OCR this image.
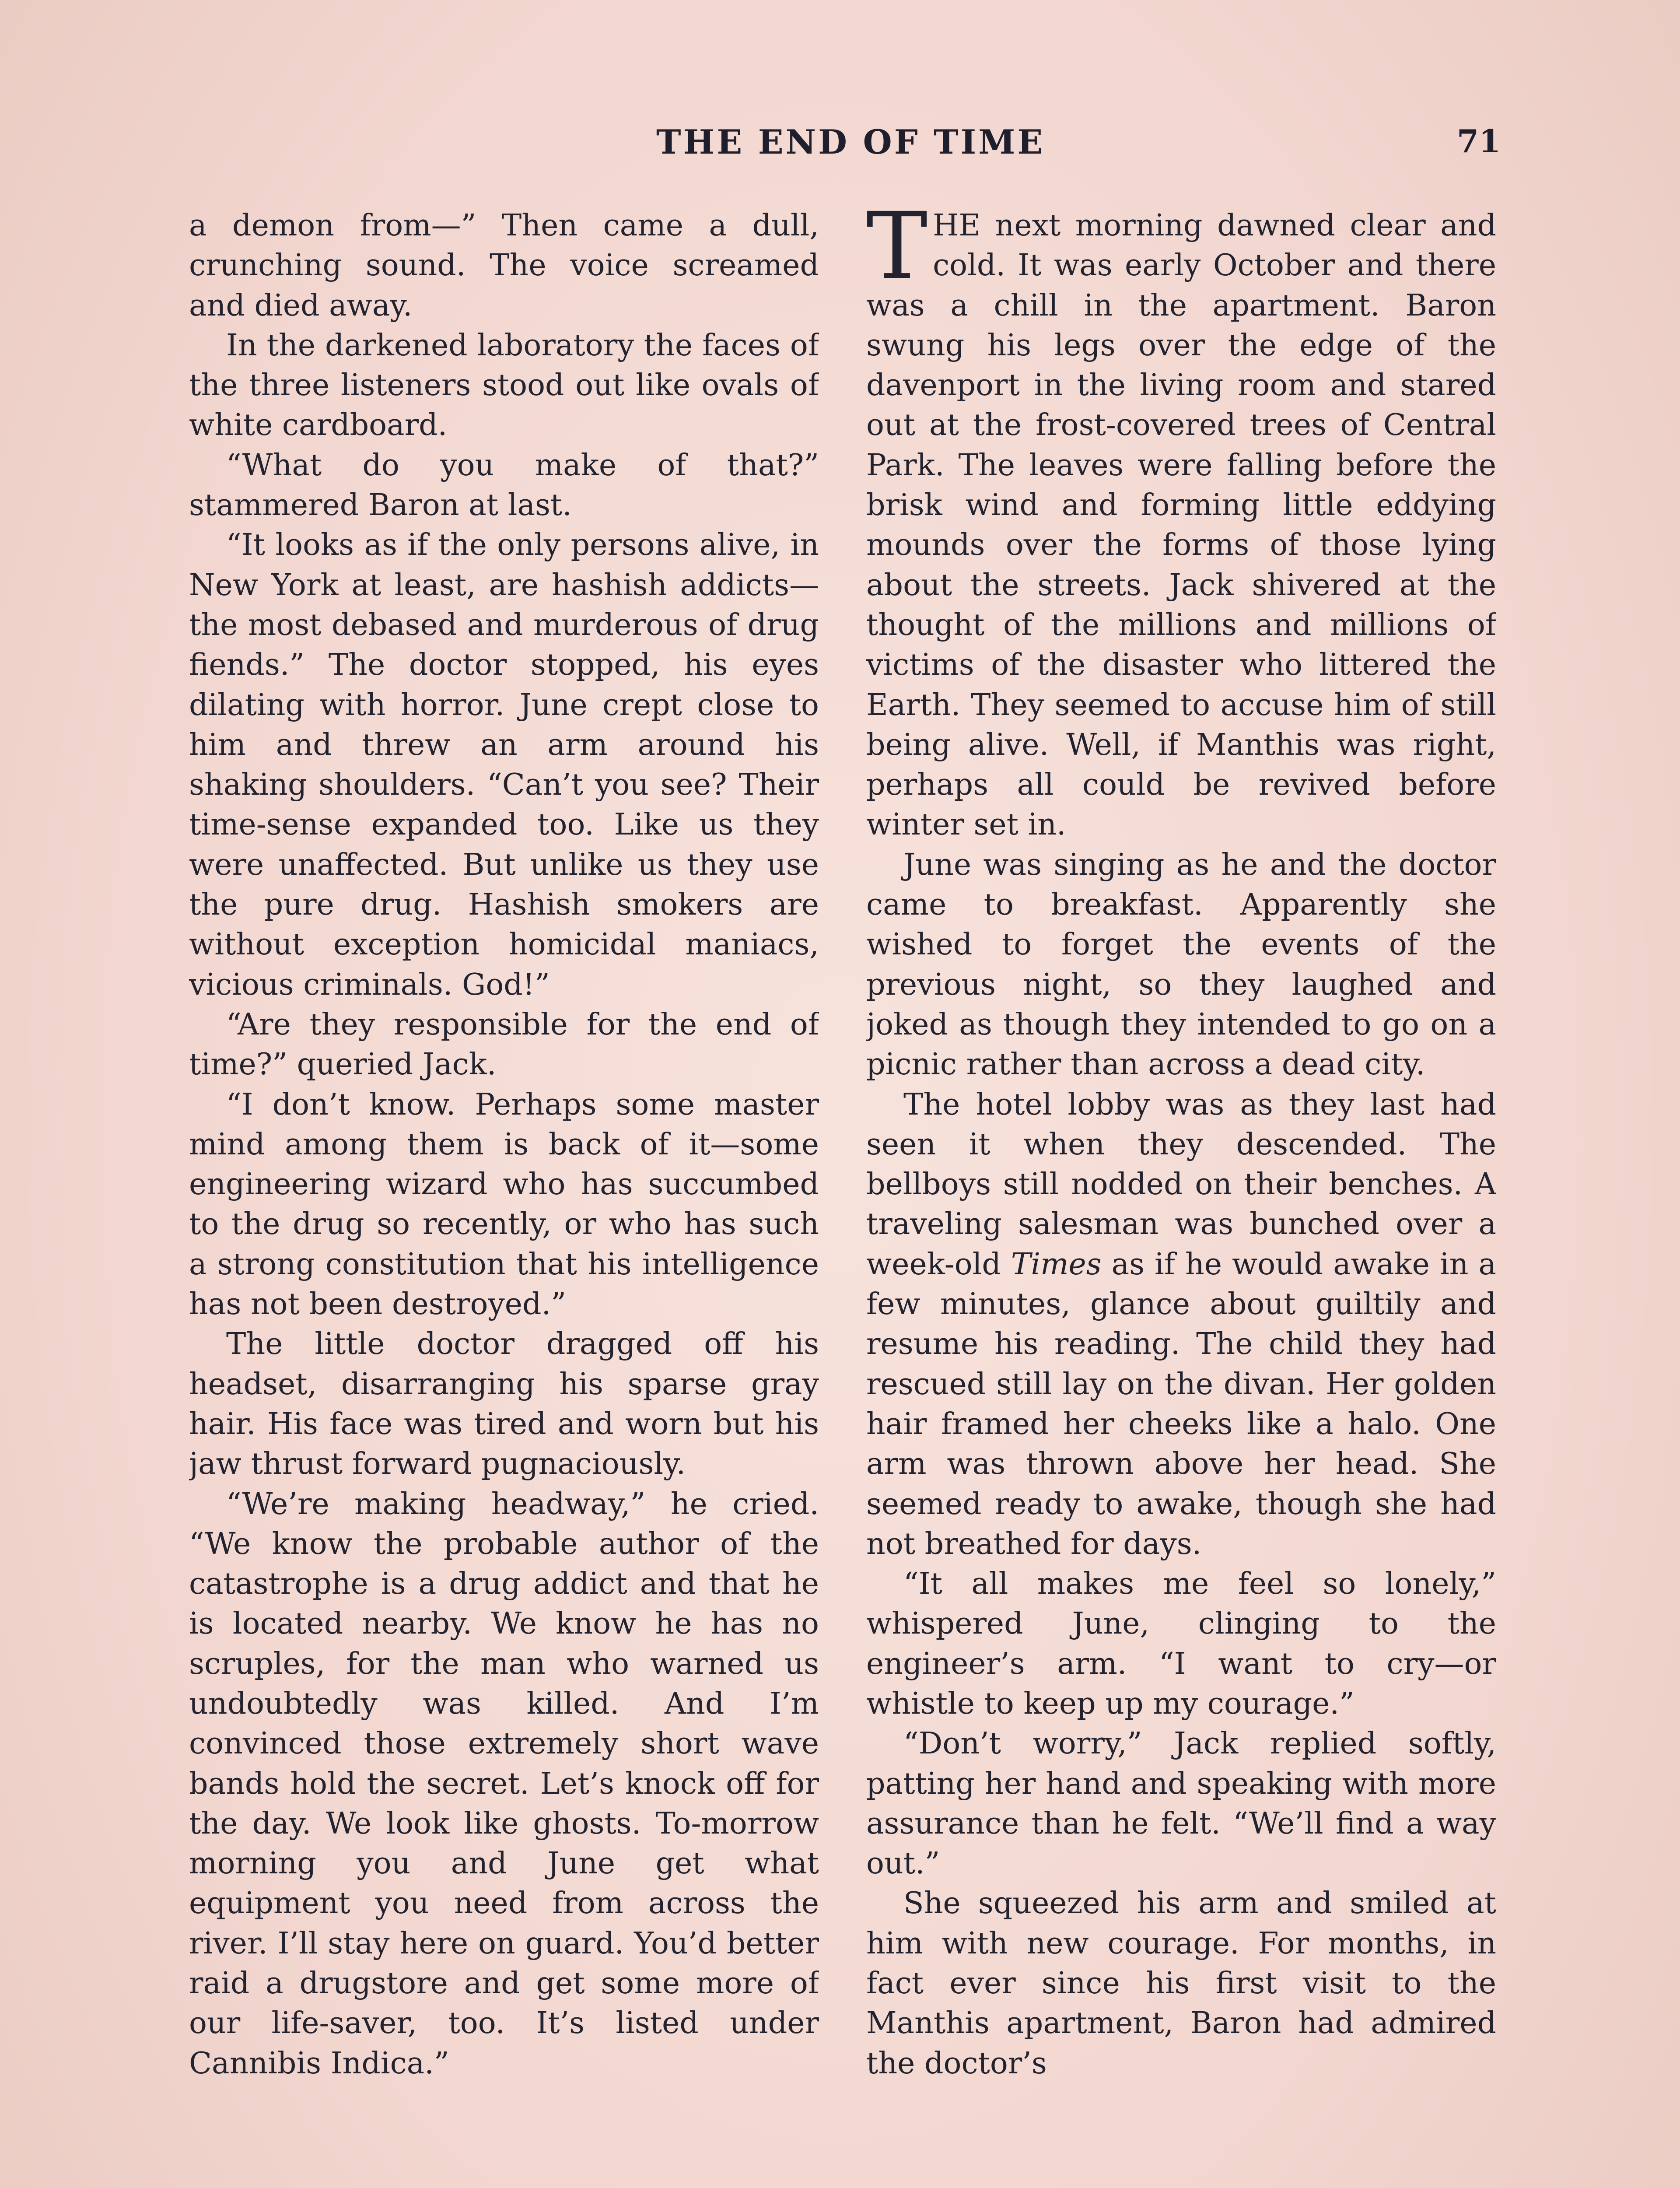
THE END OF TIME	71

a demon from—” Then came a dull, crunching sound. The voice screamed and died away.

In the darkened laboratory the faces of the three listeners stood out like ovals of white cardboard.

“What do you make of that?” stammered Baron at last.

“It looks as if the only persons alive, in New York at least, are hashish addicts—the most debased and murderous of drug fiends.” The doctor stopped, his eyes dilating with horror. June crept close to him and threw an arm around his shaking shoulders. “Can’t you see? Their time-sense expanded too. Like us they were unaffected. But unlike us they use the pure drug. Hashish smokers are without exception homicidal maniacs, vicious criminals. God!”

“Are they responsible for the end of time?” queried Jack.

“I don’t know. Perhaps some master mind among them is back of it—some engineering wizard who has succumbed to the drug so recently, or who has such a strong constitution that his intelligence has not been destroyed.”

The little doctor dragged off his headset, disarranging his sparse gray hair. His face was tired and worn but his jaw thrust forward pugnaciously.

“We’re making headway,” he cried. “We know the probable author of the catastrophe is a drug addict and that he is located nearby. We know he has no scruples, for the man who warned us undoubtedly was killed. And I’m convinced those extremely short wave bands hold the secret. Let’s knock off for the day. We look like ghosts. To-morrow morning you and June get what equipment you need from across the river. I’ll stay here on guard. You’d better raid a drugstore and get some more of our life-saver, too. It’s listed under Cannibis Indica.”

THE next morning dawned clear and cold. It was early October and there was a chill in the apartment. Baron swung his legs over the edge of the davenport in the living room and stared out at the frost-covered trees of Central Park. The leaves were falling before the brisk wind and forming little eddying mounds over the forms of those lying about the streets. Jack shivered at the thought of the millions and millions of victims of the disaster who littered the Earth. They seemed to accuse him of still being alive. Well, if Manthis was right, perhaps all could be revived before winter set in.

June was singing as he and the doctor came to breakfast. Apparently she wished to forget the events of the previous night, so they laughed and joked as though they intended to go on a picnic rather than across a dead city.

The hotel lobby was as they last had seen it when they descended. The bellboys still nodded on their benches. A traveling salesman was bunched over a week-old Times as if he would awake in a few minutes, glance about guiltily and resume his reading. The child they had rescued still lay on the divan. Her golden hair framed her cheeks like a halo. One arm was thrown above her head. She seemed ready to awake, though she had not breathed for days.

“It all makes me feel so lonely,” whispered June, clinging to the engineer’s arm. “I want to cry—or whistle to keep up my courage.”

“Don’t worry,” Jack replied softly, patting her hand and speaking with more assurance than he felt. “We’ll find a way out.”

She squeezed his arm and smiled at him with new courage. For months, in fact ever since his first visit to the Manthis apartment, Baron had admired the doctor’s
